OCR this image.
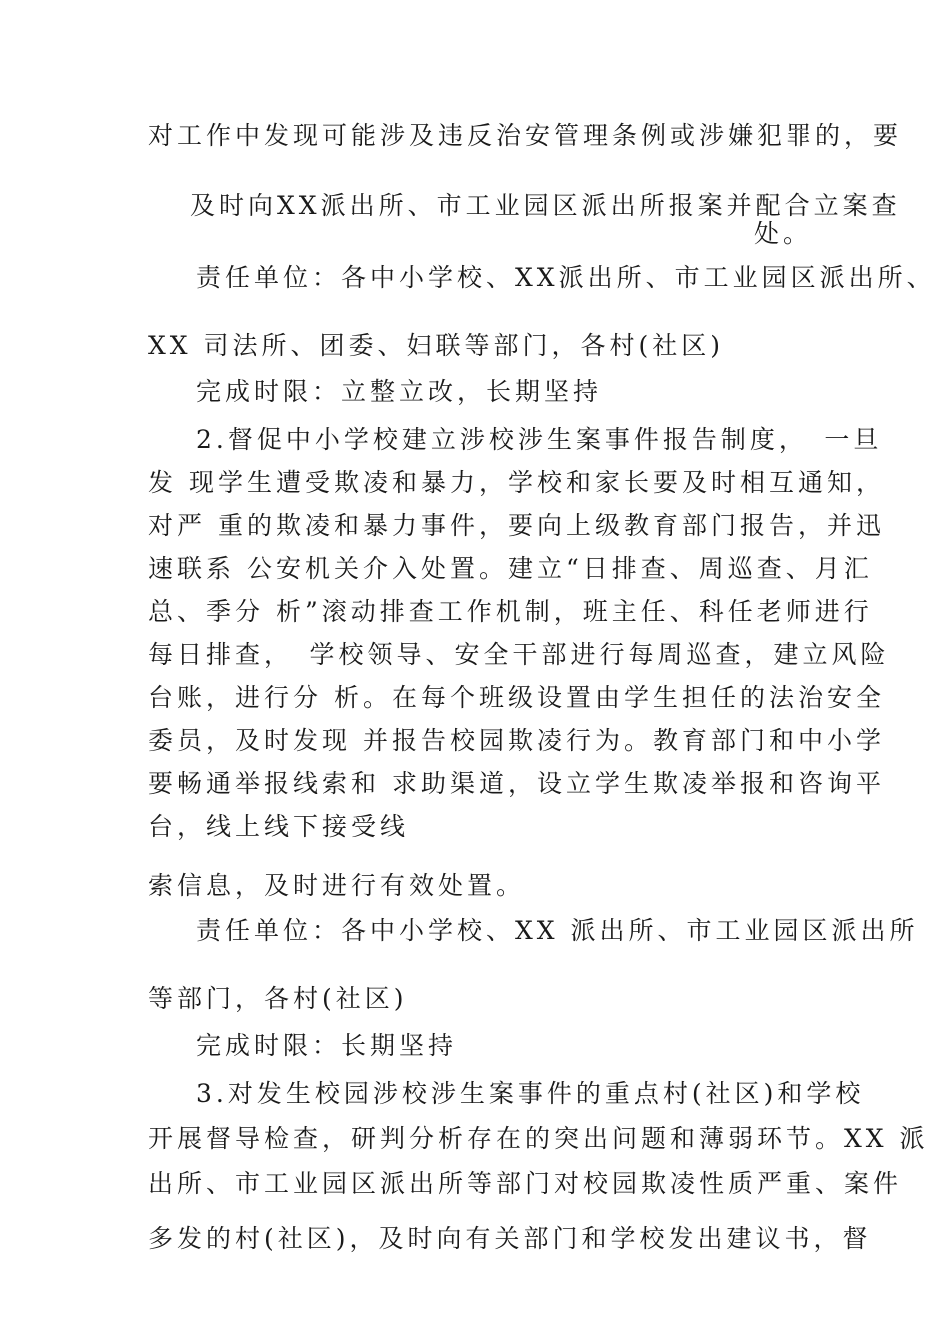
对工作中发现可能涉及违反治安管理条例或涉嫌犯罪的，要
及时向XX派出所、市工业园区派出所报案并配合立案查
处。
责任单位：各中小学校、XX派出所、市工业园区派出所、
XX 司法所、团委、妇联等部门，各村(社区)
完成时限：立整立改，长期坚持
2.督促中小学校建立涉校涉生案事件报告制度，　一旦
发 现学生遭受欺凌和暴力，学校和家长要及时相互通知，
对严 重的欺凌和暴力事件，要向上级教育部门报告，并迅
速联系 公安机关介入处置。建立“日排查、周巡查、月汇
总、季分 析”滚动排查工作机制，班主任、科任老师进行
每日排查，　学校领导、安全干部进行每周巡查，建立风险
台账，进行分 析。在每个班级设置由学生担任的法治安全
委员，及时发现 并报告校园欺凌行为。教育部门和中小学
要畅通举报线索和 求助渠道，设立学生欺凌举报和咨询平
台，线上线下接受线
索信息，及时进行有效处置。
责任单位：各中小学校、XX 派出所、市工业园区派出所
等部门，各村(社区)
完成时限：长期坚持
3.对发生校园涉校涉生案事件的重点村(社区)和学校
开展督导检查，研判分析存在的突出问题和薄弱环节。XX 派
出所、市工业园区派出所等部门对校园欺凌性质严重、案件
多发的村(社区)，及时向有关部门和学校发出建议书，督
